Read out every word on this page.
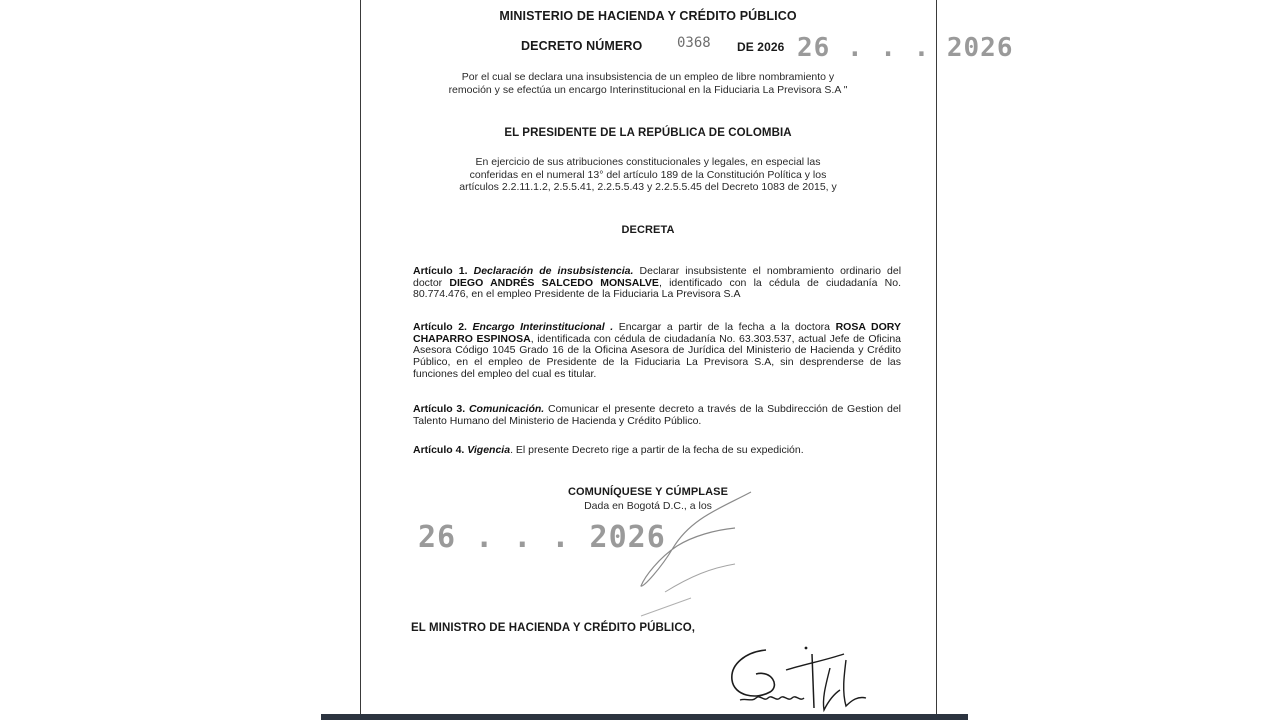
MINISTERIO DE HACIENDA Y CRÉDITO PÚBLICO
DECRETO NÚMERO 0368 DE 2026 26 . . . 2026
Por el cual se declara una insubsistencia de un empleo de libre nombramiento y
remoción y se efectúa un encargo Interinstitucional en la Fiduciaria La Previsora S.A "
EL PRESIDENTE DE LA REPÚBLICA DE COLOMBIA
En ejercicio de sus atribuciones constitucionales y legales, en especial las
conferidas en el numeral 13° del artículo 189 de la Constitución Política y los
artículos 2.2.11.1.2, 2.5.5.41, 2.2.5.5.43 y 2.2.5.5.45 del Decreto 1083 de 2015, y
DECRETA
Artículo 1. Declaración de insubsistencia. Declarar insubsistente el nombramiento ordinario del doctor DIEGO ANDRÉS SALCEDO MONSALVE, identificado con la cédula de ciudadanía No. 80.774.476, en el empleo Presidente de la Fiduciaria La Previsora S.A
Artículo 2. Encargo Interinstitucional . Encargar a partir de la fecha a la doctora ROSA DORY CHAPARRO ESPINOSA, identificada con cédula de ciudadanía No. 63.303.537, actual Jefe de Oficina Asesora Código 1045 Grado 16 de la Oficina Asesora de Jurídica del Ministerio de Hacienda y Crédito Público, en el empleo de Presidente de la Fiduciaria La Previsora S.A, sin desprenderse de las funciones del empleo del cual es titular.
Artículo 3. Comunicación. Comunicar el presente decreto a través de la Subdirección de Gestion del Talento Humano del Ministerio de Hacienda y Crédito Público.
Artículo 4. Vigencia. El presente Decreto rige a partir de la fecha de su expedición.
COMUNÍQUESE Y CÚMPLASE
Dada en Bogotá D.C., a los
26 . . . 2026
EL MINISTRO DE HACIENDA Y CRÉDITO PÚBLICO,
